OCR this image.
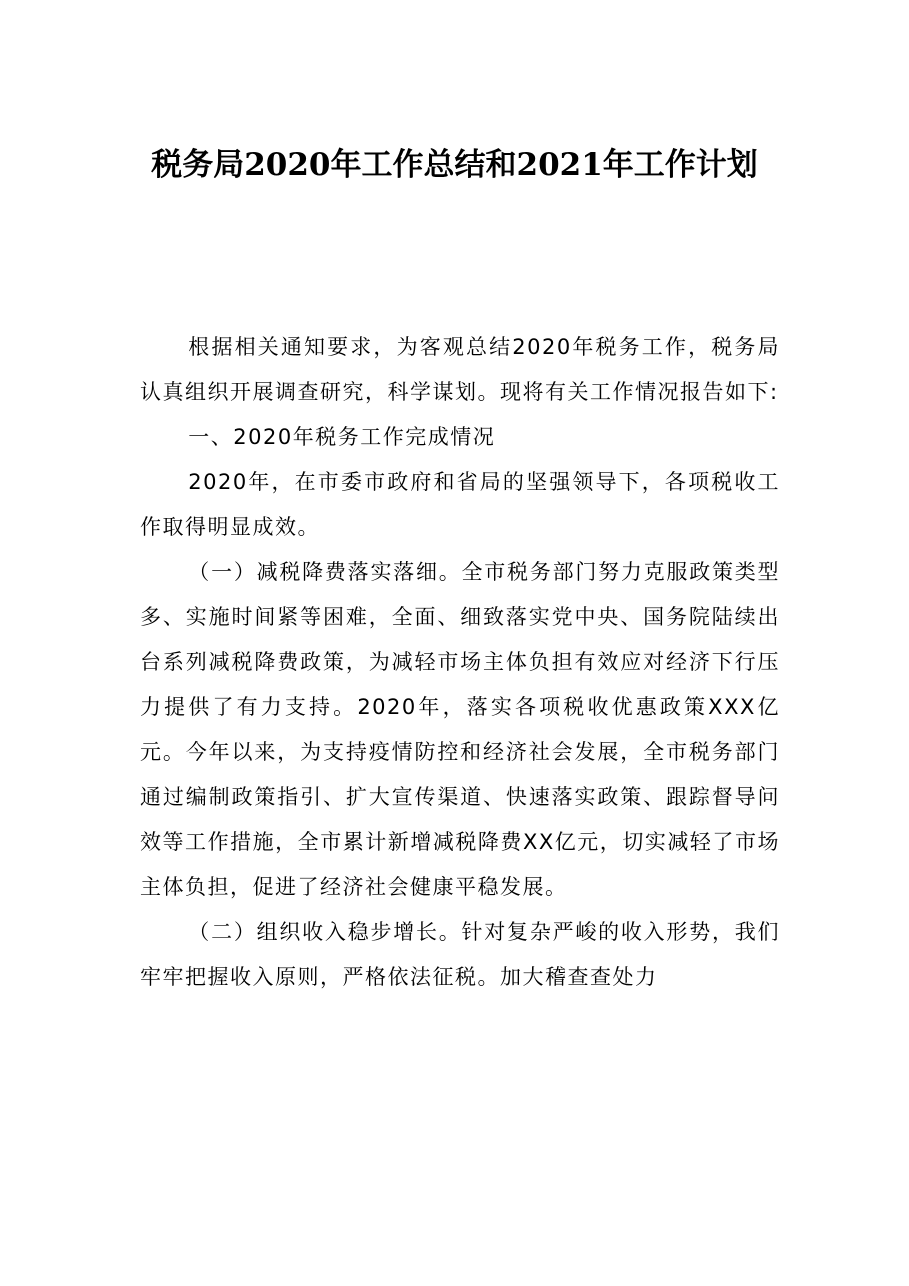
税务局2020年工作总结和2021年工作计划

根据相关通知要求，为客观总结2020年税务工作，税务局认真组织开展调查研究，科学谋划。现将有关工作情况报告如下:

一、2020年税务工作完成情况

2020年，在市委市政府和省局的坚强领导下，各项税收工作取得明显成效。

（一）减税降费落实落细。全市税务部门努力克服政策类型多、实施时间紧等困难，全面、细致落实党中央、国务院陆续出台系列减税降费政策，为减轻市场主体负担有效应对经济下行压力提供了有力支持。2020年，落实各项税收优惠政策XXX亿元。今年以来，为支持疫情防控和经济社会发展，全市税务部门通过编制政策指引、扩大宣传渠道、快速落实政策、跟踪督导问效等工作措施，全市累计新增减税降费XX亿元，切实减轻了市场主体负担，促进了经济社会健康平稳发展。

（二）组织收入稳步增长。针对复杂严峻的收入形势，我们牢牢把握收入原则，严格依法征税。加大稽查查处力
